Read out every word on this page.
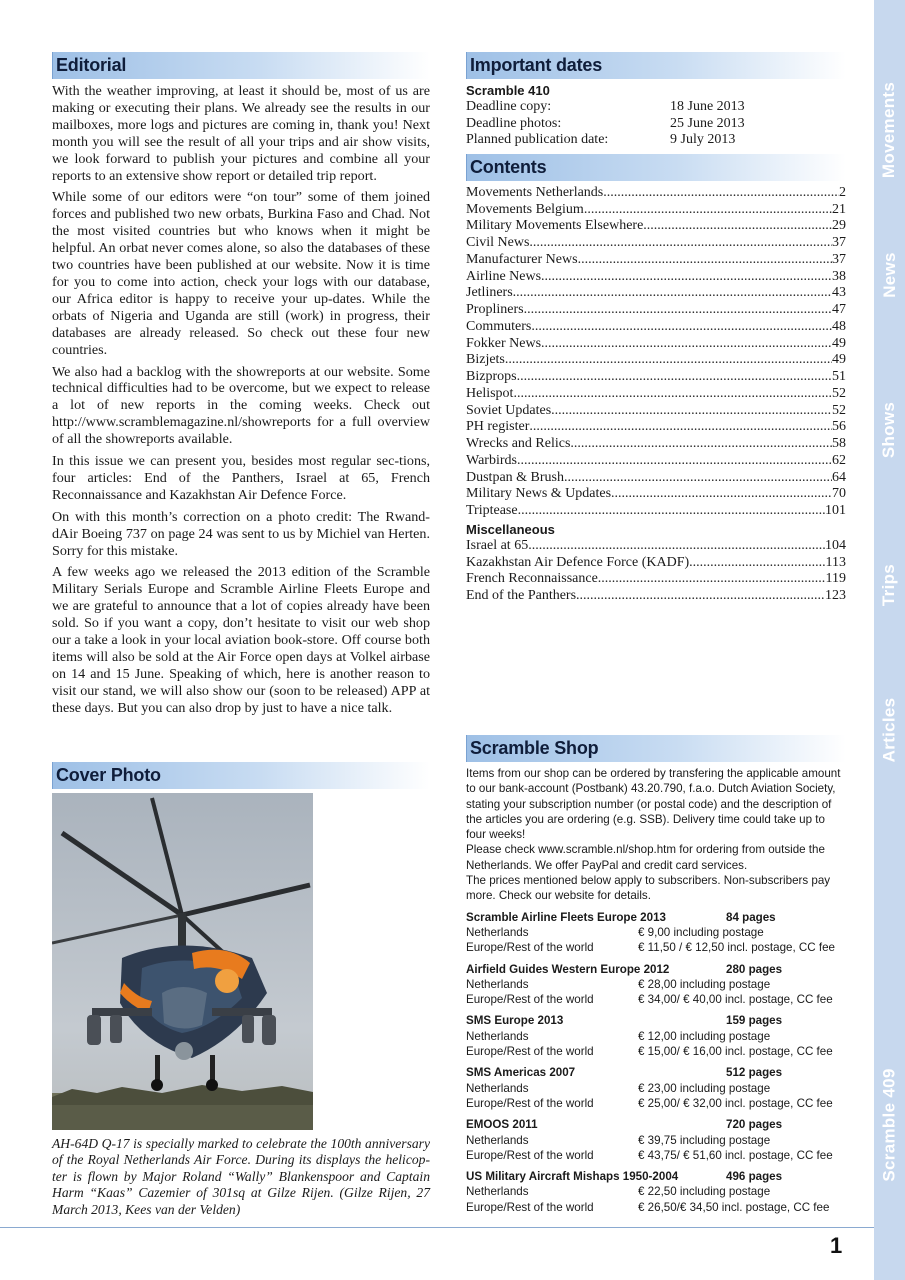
Editorial

With the weather improving, at least it should be, most of us are making or executing their plans. We already see the results in our mailboxes, more logs and pictures are coming in, thank you! Next month you will see the result of all your trips and air show visits, we look forward to publish your pictures and combine all your reports to an extensive show report or detailed trip report.

While some of our editors were “on tour” some of them joined forces and published two new orbats, Burkina Faso and Chad. Not the most visited countries but who knows when it might be helpful. An orbat never comes alone, so also the databases of these two countries have been published at our website. Now it is time for you to come into action, check your logs with our database, our Africa editor is happy to receive your up-dates. While the orbats of Nigeria and Uganda are still (work) in progress, their databases are already released. So check out these four new countries.

We also had a backlog with the showreports at our website. Some technical difficulties had to be overcome, but we expect to release a lot of new reports in the coming weeks. Check out http://www.scramblemagazine.nl/showreports for a full overview of all the showreports available.

In this issue we can present you, besides most regular sec-tions, four articles: End of the Panthers, Israel at 65, French Reconnaissance and Kazakhstan Air Defence Force.

On with this month’s correction on a photo credit: The Rwand-dAir Boeing 737 on page 24 was sent to us by Michiel van Herten. Sorry for this mistake.

A few weeks ago we released the 2013 edition of the Scramble Military Serials Europe and Scramble Airline Fleets Europe and we are grateful to announce that a lot of copies already have been sold. So if you want a copy, don’t hesitate to visit our web shop our a take a look in your local aviation book-store. Off course both items will also be sold at the Air Force open days at Volkel airbase on 14 and 15 June. Speaking of which, here is another reason to visit our stand, we will also show our (soon to be released) APP at these days. But you can also drop by just to have a nice talk.

Cover Photo

AH-64D Q-17 is specially marked to celebrate the 100th anniversary of the Royal Netherlands Air Force. During its displays the helicop-ter is flown by Major Roland “Wally” Blankenspoor and Captain Harm “Kaas” Cazemier of 301sq at Gilze Rijen. (Gilze Rijen, 27 March 2013, Kees van der Velden)

Important dates

Scramble 410

Deadline copy:	18 June 2013
Deadline photos:	25 June 2013
Planned publication date:	9 July 2013
Contents
Movements Netherlands .....	2
Movements Belgium .....	21
Military Movements Elsewhere .....	29
Civil News .....	37
Manufacturer News .....	37
Airline News .....	38
Jetliners .....	43
Propliners .....	47
Commuters .....	48
Fokker News .....	49
Bizjets .....	49
Bizprops .....	51
Helispot .....	52
Soviet Updates .....	52
PH register .....	56
Wrecks and Relics .....	58
Warbirds .....	62
Dustpan & Brush .....	64
Military News & Updates .....	70
Triptease .....	101

Miscellaneous

Israel at 65... .....	104
Kazakhstan Air Defence Force (KADF) .....	113
French Reconnaissance .....	119
End of the Panthers .....	123
Scramble Shop

Items from our shop can be ordered by transfering the applicable amount to our bank-account (Postbank) 43.20.790, f.a.o. Dutch Aviation Society, stating your subscription number (or postal code) and the description of the articles you are ordering (e.g. SSB). Delivery time could take up to four weeks!

Please check www.scramble.nl/shop.htm for ordering from outside the Netherlands. We offer PayPal and credit card services.

The prices mentioned below apply to subscribers. Non-subscribers pay more. Check our website for details.

Scramble Airline Fleets Europe 2013	84 pages
Netherlands	€ 9,00 including postage
Europe/Rest of the world	€ 11,50 / € 12,50 incl. postage, CC fee
Airfield Guides Western Europe 2012	280 pages
Netherlands	€ 28,00 including postage
Europe/Rest of the world	€ 34,00/ € 40,00 incl. postage, CC fee
SMS Europe 2013	159 pages
Netherlands	€ 12,00 including postage
Europe/Rest of the world	€ 15,00/ € 16,00 incl. postage, CC fee
SMS Americas 2007	512 pages
Netherlands	€ 23,00 including postage
Europe/Rest of the world	€ 25,00/ € 32,00 incl. postage, CC fee
EMOOS 2011	720 pages
Netherlands	€ 39,75 including postage
Europe/Rest of the world	€ 43,75/ € 51,60 incl. postage, CC fee
US Military Aircraft Mishaps 1950-2004	496 pages
Netherlands	€ 22,50 including postage
Europe/Rest of the world	€ 26,50/€ 34,50 incl. postage, CC fee
Movements
News
Shows
Trips
Articles
Scramble 409
1
